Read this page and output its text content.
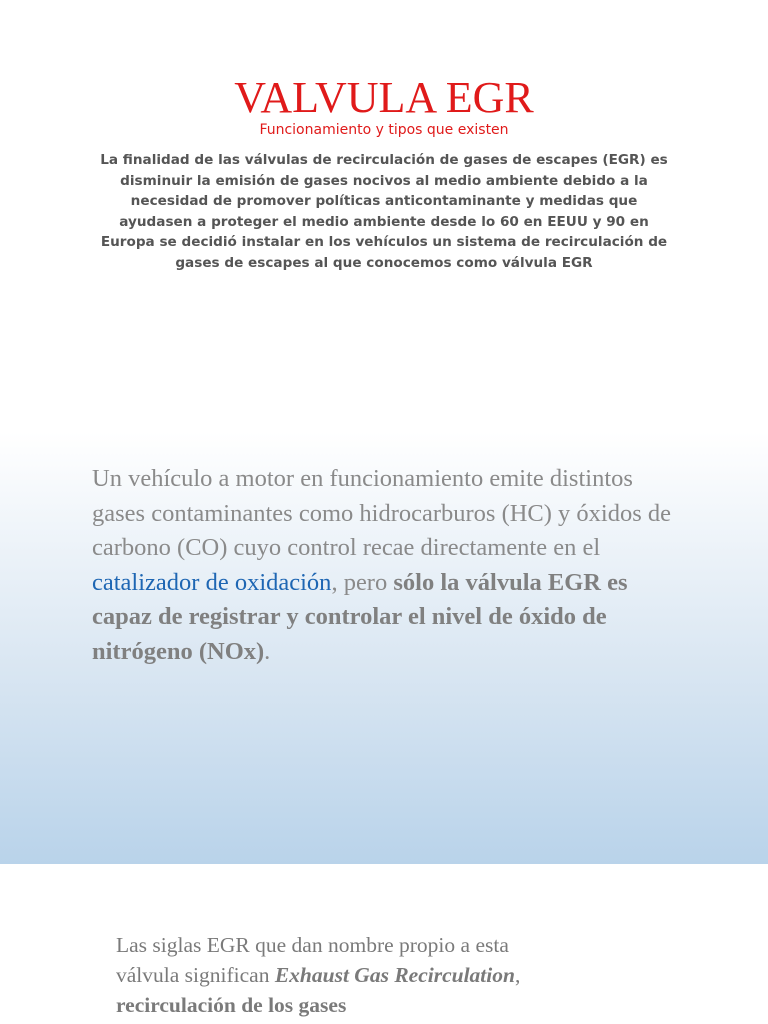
VALVULA EGR
Funcionamiento y tipos que existen
La finalidad de las válvulas de recirculación de gases de escapes (EGR) es disminuir la emisión de gases nocivos al medio ambiente debido a la necesidad de promover políticas anticontaminante y medidas que ayudasen a proteger el medio ambiente desde lo 60 en EEUU y 90 en Europa se decidió instalar en los vehículos un sistema de recirculación de gases de escapes al que conocemos como válvula EGR
Un vehículo a motor en funcionamiento emite distintos gases contaminantes como hidrocarburos (HC) y óxidos de carbono (CO) cuyo control recae directamente en el catalizador de oxidación, pero sólo la válvula EGR es capaz de registrar y controlar el nivel de óxido de nitrógeno (NOx).
Las siglas EGR que dan nombre propio a esta válvula significan Exhaust Gas Recirculation, recirculación de los gases
